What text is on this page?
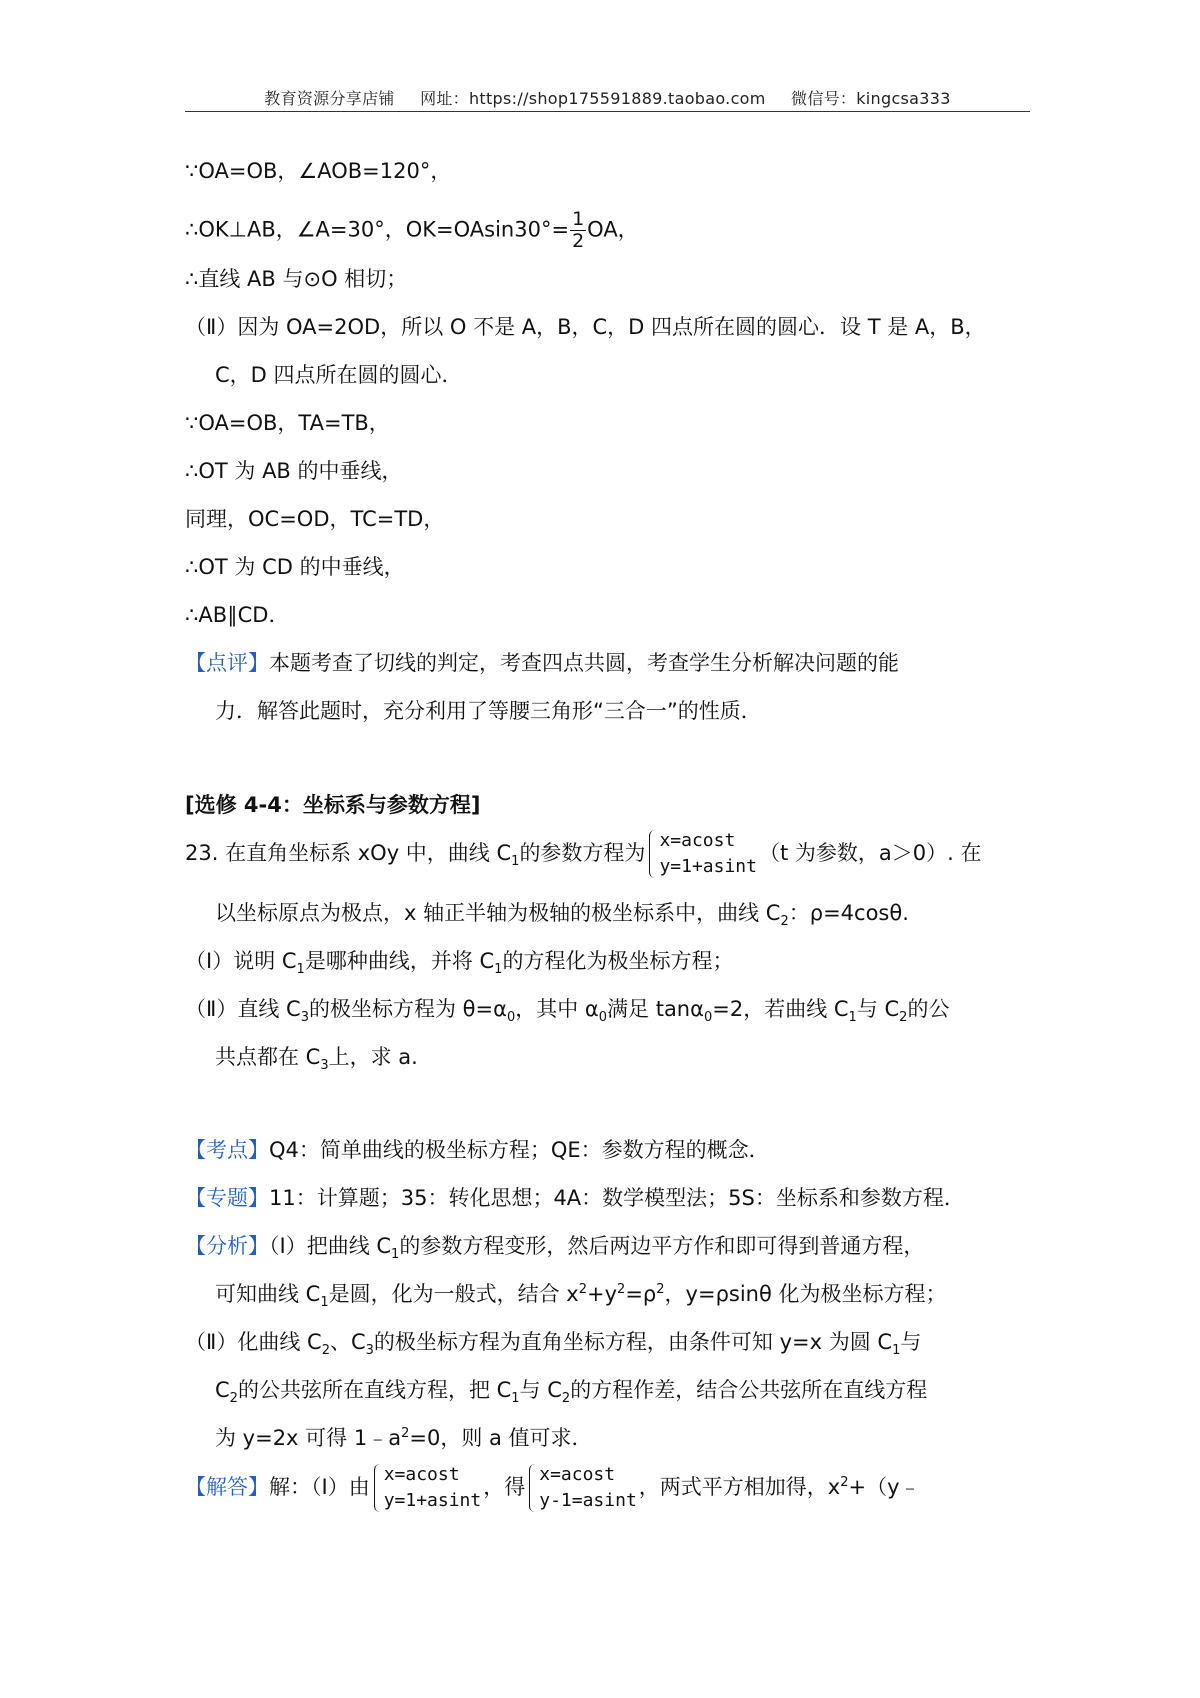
教育资源分享店铺 网址：https://shop175591889.taobao.com 微信号：kingcsa333
∵OA=OB，∠AOB=120°，
∴OK⊥AB，∠A=30°，$OK=OAsin30^\circ= \frac{1}{2}$ OA，
∴直线 AB 与⊙O 相切；
（Ⅱ）因为 OA=2OD，所以 O 不是 A，B，C，D 四点所在圆的圆心．设 T 是 A，B，
C，D 四点所在圆的圆心．
∵OA=OB，TA=TB，
∴OT 为 AB 的中垂线，
同理，OC=OD，TC=TD，
∴OT 为 CD 的中垂线，
∴AB∥CD．
【点评】本题考查了切线的判定，考查四点共圆，考查学生分析解决问题的能
力．解答此题时，充分利用了等腰三角形“三合一”的性质．
[选修 4-4：坐标系与参数方程]
23. 在直角坐标系 xOy 中，曲线 $C_1$的参数方程为
x=acost
y=1+asint
（t 为参数，a＞0）. 在
以坐标原点为极点，x 轴正半轴为极轴的极坐标系中，曲线 $C_2$：ρ=4cosθ.
（Ⅰ）说明 $C_1$是哪种曲线，并将 $C_1$的方程化为极坐标方程；
（Ⅱ）直线 $C_3$的极坐标方程为 $\theta=\alpha_0$，其中 $\alpha_0$满足 tanα$_0$=2，若曲线 $C_1$与 $C_2$的公
共点都在 $C_3$上，求 a.
【考点】Q4：简单曲线的极坐标方程；QE：参数方程的概念．
【专题】11：计算题；35：转化思想；4A：数学模型法；5S：坐标系和参数方程．
【分析】（Ⅰ）把曲线 $C_1$的参数方程变形，然后两边平方作和即可得到普通方程，
可知曲线 $C_1$是圆，化为一般式，结合 $x^2+y^2=\rho^2$，y=ρsinθ 化为极坐标方程；
（Ⅱ）化曲线 $C_2$、$C_3$的极坐标方程为直角坐标方程，由条件可知 y=x 为圆 $C_1$与
$C_2$的公共弦所在直线方程，把 $C_1$与 $C_2$的方程作差，结合公共弦所在直线方程
为 y=2x 可得 $1﹣a^2=0$，则 a 值可求．
【解答】解：（Ⅰ）由
x=acost
y=1+asint
，得
x=acost
y-1=asint
，两式平方相加得，$x^2+(y﹣$
